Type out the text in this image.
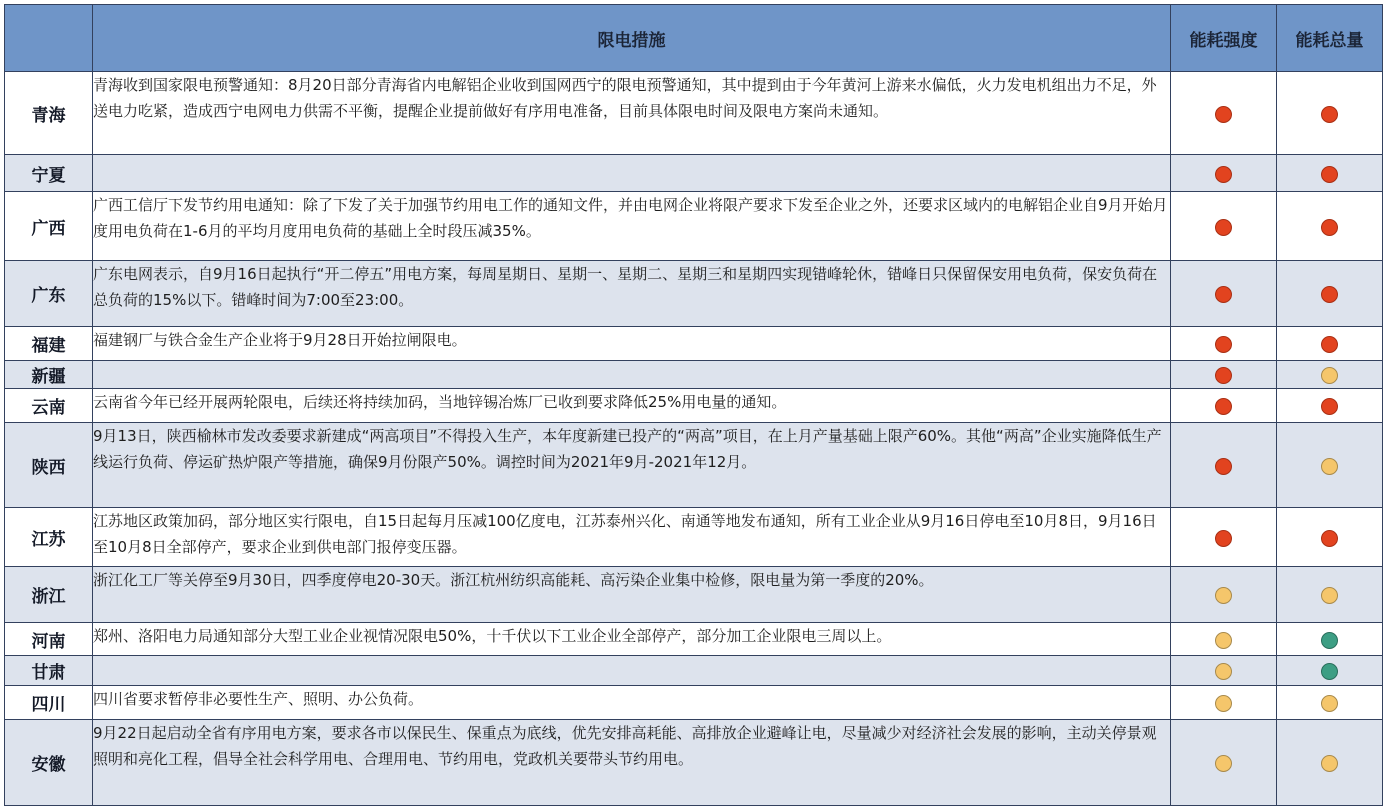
	限电措施	能耗强度	能耗总量
青海	青海收到国家限电预警通知：8月20日部分青海省内电解铝企业收到国网西宁的限电预警通知，其中提到由于今年黄河上游来水偏低，火力发电机组出力不足，外送电力吃紧，造成西宁电网电力供需不平衡，提醒企业提前做好有序用电准备，目前具体限电时间及限电方案尚未通知。		
宁夏			
广西	广西工信厅下发节约用电通知：除了下发了关于加强节约用电工作的通知文件，并由电网企业将限产要求下发至企业之外，还要求区域内的电解铝企业自9月开始月度用电负荷在1-6月的平均月度用电负荷的基础上全时段压减35%。		
广东	广东电网表示，自9月16日起执行“开二停五”用电方案，每周星期日、星期一、星期二、星期三和星期四实现错峰轮休，错峰日只保留保安用电负荷，保安负荷在总负荷的15%以下。错峰时间为7:00至23:00。		
福建	福建钢厂与铁合金生产企业将于9月28日开始拉闸限电。		
新疆			
云南	云南省今年已经开展两轮限电，后续还将持续加码，当地锌锡冶炼厂已收到要求降低25%用电量的通知。		
陕西	9月13日，陕西榆林市发改委要求新建成“两高项目”不得投入生产，本年度新建已投产的“两高”项目，在上月产量基础上限产60%。其他“两高”企业实施降低生产线运行负荷、停运矿热炉限产等措施，确保9月份限产50%。调控时间为2021年9月-2021年12月。		
江苏	江苏地区政策加码，部分地区实行限电，自15日起每月压减100亿度电，江苏泰州兴化、南通等地发布通知，所有工业企业从9月16日停电至10月8日，9月16日至10月8日全部停产，要求企业到供电部门报停变压器。		
浙江	浙江化工厂等关停至9月30日，四季度停电20-30天。浙江杭州纺织高能耗、高污染企业集中检修，限电量为第一季度的20%。		
河南	郑州、洛阳电力局通知部分大型工业企业视情况限电50%，十千伏以下工业企业全部停产，部分加工企业限电三周以上。		
甘肃			
四川	四川省要求暂停非必要性生产、照明、办公负荷。		
安徽	9月22日起启动全省有序用电方案，要求各市以保民生、保重点为底线，优先安排高耗能、高排放企业避峰让电，尽量减少对经济社会发展的影响，主动关停景观照明和亮化工程，倡导全社会科学用电、合理用电、节约用电，党政机关要带头节约用电。		
